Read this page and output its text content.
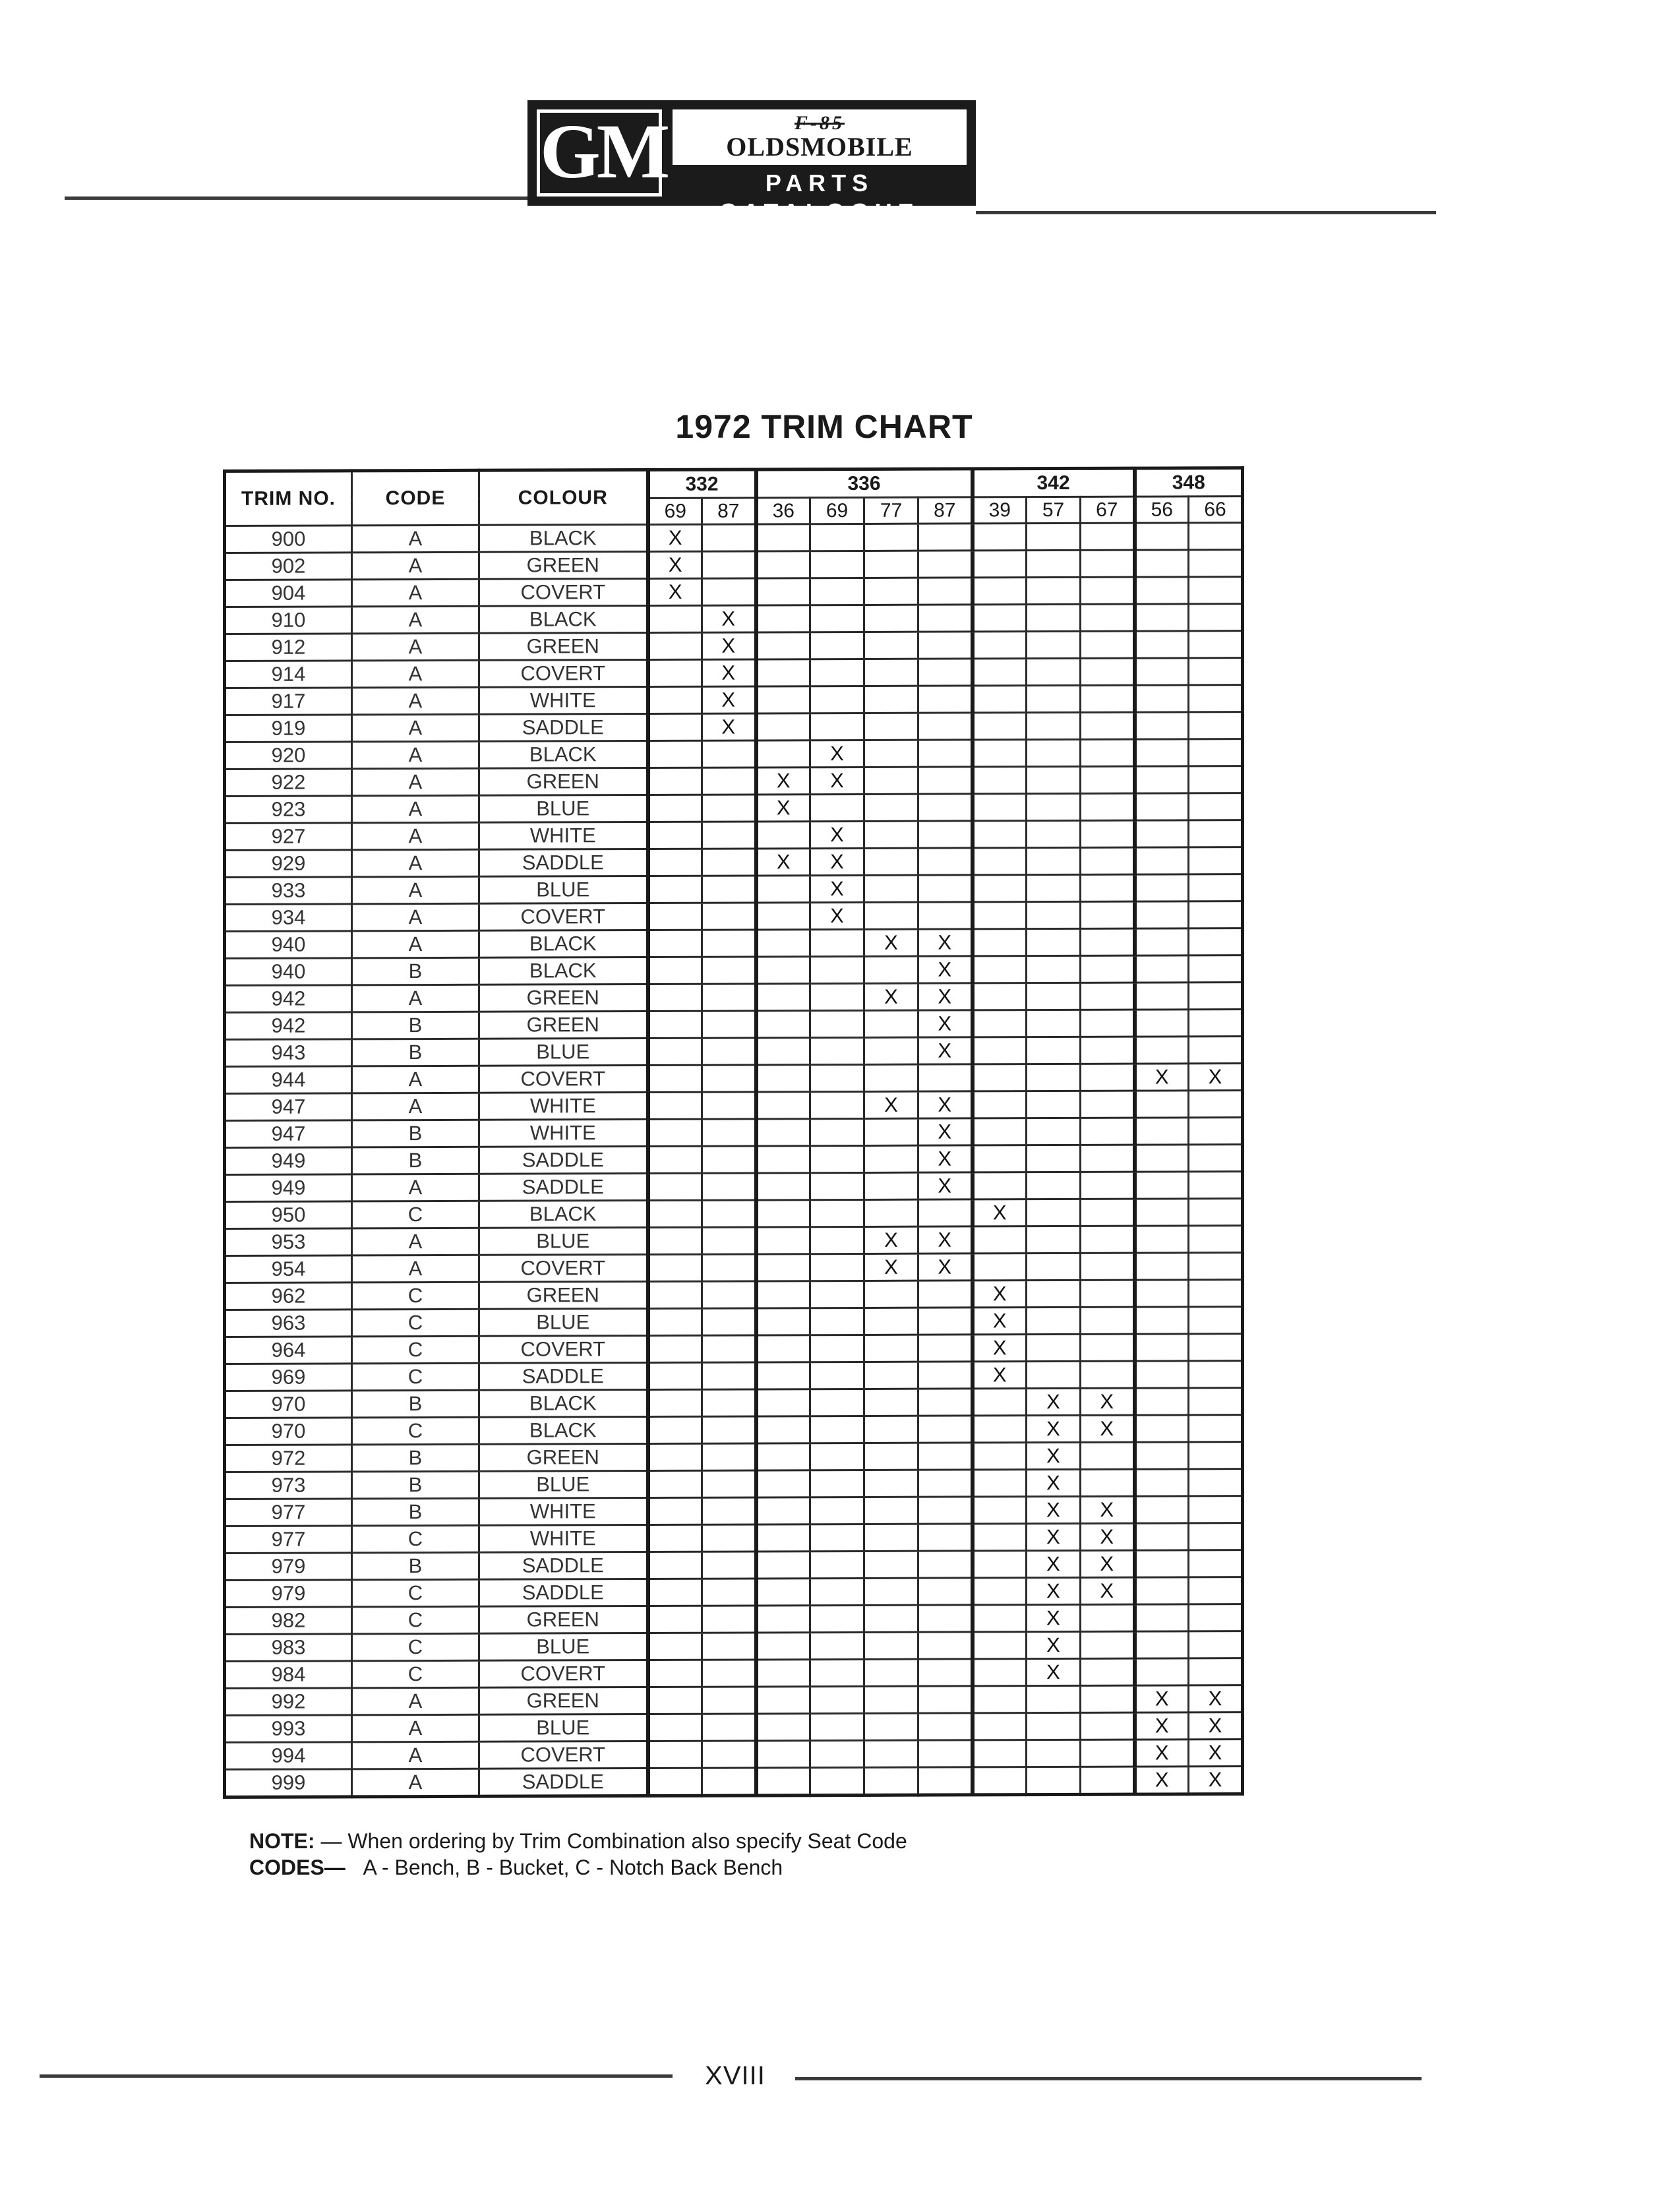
GM	F-85
OLDSMOBILE
PARTS CATALOGUE
1972 TRIM CHART
TRIM NO.	CODE	COLOUR	332		336				342			348	
			69	87	36	69	77	87	39	57	67	56	66
900	A	BLACK	X										
902	A	GREEN	X										
904	A	COVERT	X										
910	A	BLACK		X									
912	A	GREEN		X									
914	A	COVERT		X									
917	A	WHITE		X									
919	A	SADDLE		X									
920	A	BLACK				X							
922	A	GREEN			X	X							
923	A	BLUE			X								
927	A	WHITE				X							
929	A	SADDLE			X	X							
933	A	BLUE				X							
934	A	COVERT				X							
940	A	BLACK					X	X					
940	B	BLACK						X					
942	A	GREEN					X	X					
942	B	GREEN						X					
943	B	BLUE						X					
944	A	COVERT										X	X
947	A	WHITE					X	X					
947	B	WHITE						X					
949	B	SADDLE						X					
949	A	SADDLE						X					
950	C	BLACK							X				
953	A	BLUE					X	X					
954	A	COVERT					X	X					
962	C	GREEN							X				
963	C	BLUE							X				
964	C	COVERT							X				
969	C	SADDLE							X				
970	B	BLACK								X	X		
970	C	BLACK								X	X		
972	B	GREEN								X			
973	B	BLUE								X			
977	B	WHITE								X	X		
977	C	WHITE								X	X		
979	B	SADDLE								X	X		
979	C	SADDLE								X	X		
982	C	GREEN								X			
983	C	BLUE								X			
984	C	COVERT								X			
992	A	GREEN										X	X
993	A	BLUE										X	X
994	A	COVERT										X	X
999	A	SADDLE										X	X
NOTE: — When ordering by Trim Combination also specify Seat Code
CODES— A - Bench, B - Bucket, C - Notch Back Bench
XVIII
